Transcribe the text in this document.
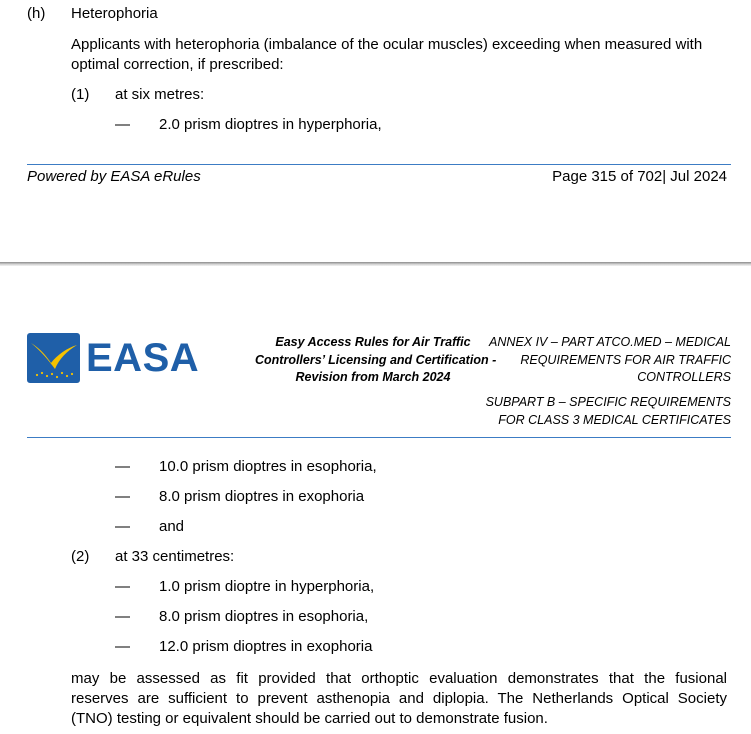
(h) Heterophoria
Applicants with heterophoria (imbalance of the ocular muscles) exceeding when measured with
optimal correction, if prescribed:
(1) at six metres:
— 2.0 prism dioptres in hyperphoria,
Powered by EASA eRules	Page 315 of 702| Jul 2024
EASA	Easy Access Rules for Air Traffic
Controllers’ Licensing and Certification -
Revision from March 2024
ANNEX IV – PART ATCO.MED – MEDICAL
REQUIREMENTS FOR AIR TRAFFIC
CONTROLLERS
SUBPART B – SPECIFIC REQUIREMENTS
FOR CLASS 3 MEDICAL CERTIFICATES
— 10.0 prism dioptres in esophoria,
— 8.0 prism dioptres in exophoria
— and
(2) at 33 centimetres:
— 1.0 prism dioptre in hyperphoria,
— 8.0 prism dioptres in esophoria,
— 12.0 prism dioptres in exophoria
may be assessed as fit provided that orthoptic evaluation demonstrates that the fusional
reserves are sufficient to prevent asthenopia and diplopia. The Netherlands Optical Society
(TNO) testing or equivalent should be carried out to demonstrate fusion.
